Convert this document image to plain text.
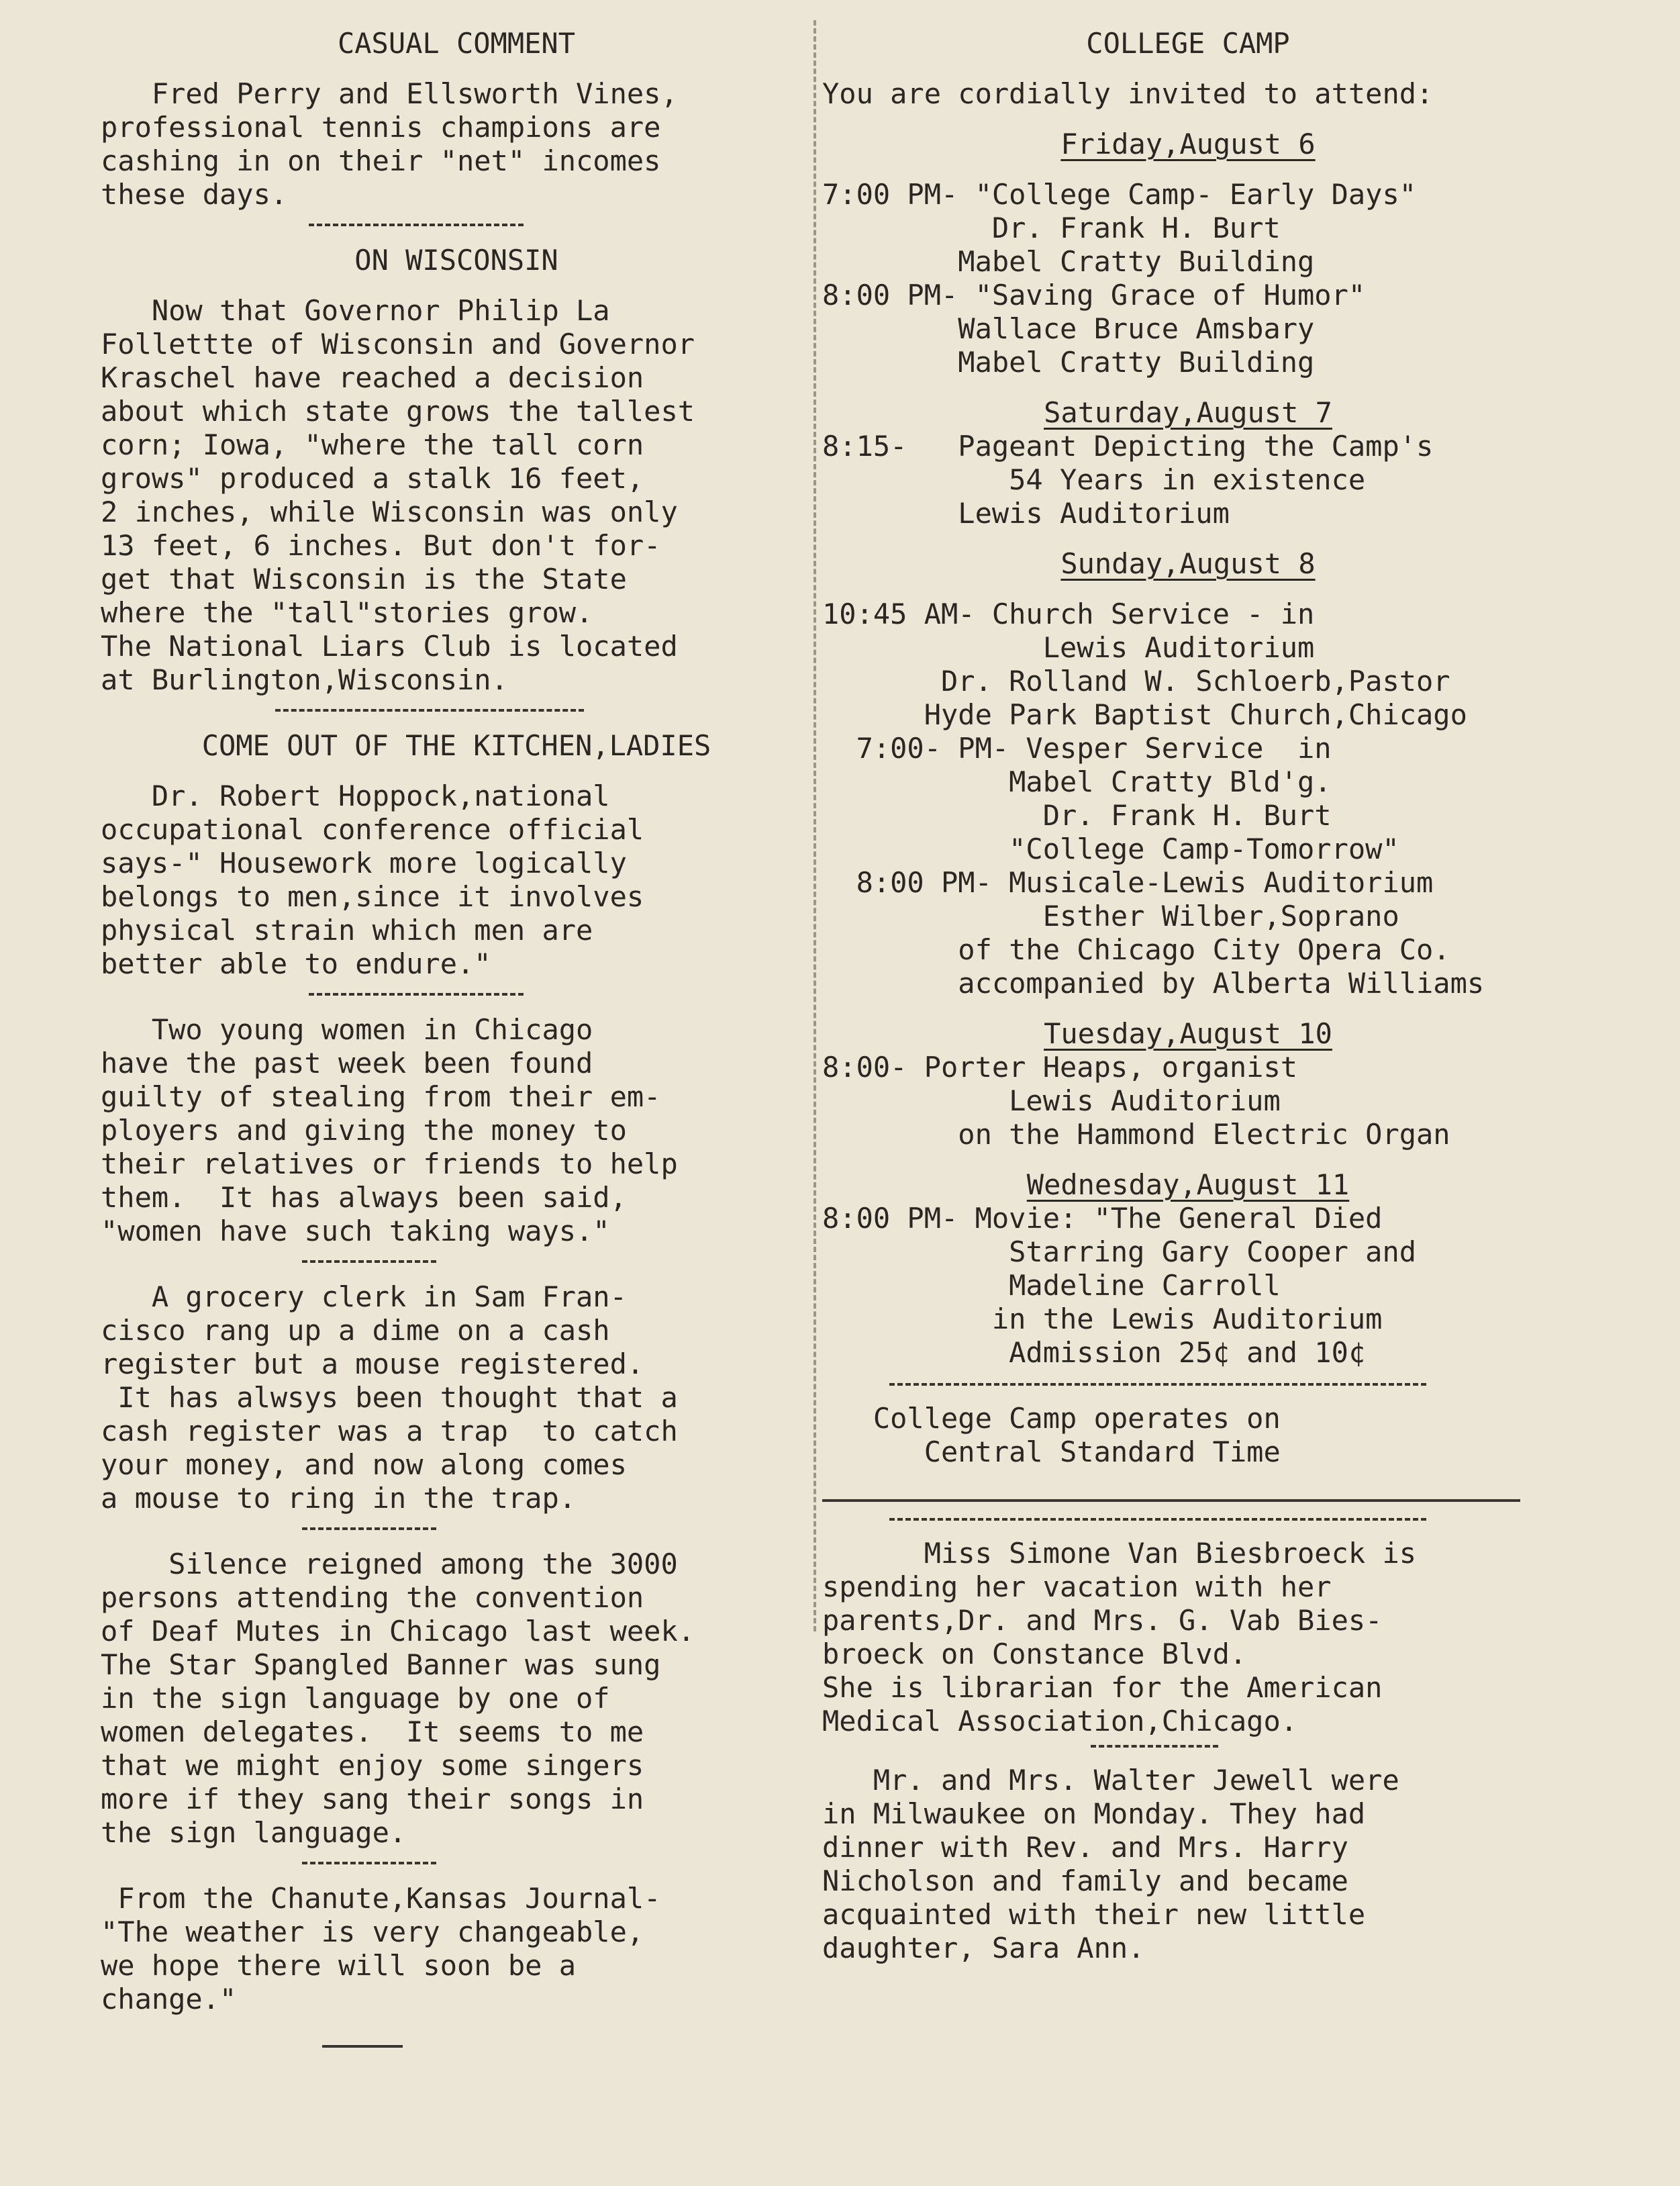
CASUAL COMMENT
Fred Perry and Ellsworth Vines,
professional tennis champions are
cashing in on their "net" incomes
these days.
ON WISCONSIN
Now that Governor Philip La
Follettte of Wisconsin and Governor
Kraschel have reached a decision
about which state grows the tallest
corn; Iowa, "where the tall corn
grows" produced a stalk 16 feet,
2 inches, while Wisconsin was only
13 feet, 6 inches. But don't for-
get that Wisconsin is the State
where the "tall"stories grow.
The National Liars Club is located
at Burlington,Wisconsin.
COME OUT OF THE KITCHEN,LADIES
Dr. Robert Hoppock,national
occupational conference official
says-" Housework more logically
belongs to men,since it involves
physical strain which men are
better able to endure."
Two young women in Chicago
have the past week been found
guilty of stealing from their em-
ployers and giving the money to
their relatives or friends to help
them.  It has always been said,
"women have such taking ways."
A grocery clerk in Sam Fran-
cisco rang up a dime on a cash
register but a mouse registered.
It has alwsys been thought that a
cash register was a trap  to catch
your money, and now along comes
a mouse to ring in the trap.
Silence reigned among the 3000
persons attending the convention
of Deaf Mutes in Chicago last week.
The Star Spangled Banner was sung
in the sign language by one of
women delegates.  It seems to me
that we might enjoy some singers
more if they sang their songs in
the sign language.
From the Chanute,Kansas Journal-
"The weather is very changeable,
we hope there will soon be a
change."
COLLEGE CAMP
You are cordially invited to attend:
Friday,August 6
7:00 PM- "College Camp- Early Days"
Dr. Frank H. Burt
Mabel Cratty Building
8:00 PM- "Saving Grace of Humor"
Wallace Bruce Amsbary
Mabel Cratty Building
Saturday,August 7
8:15-   Pageant Depicting the Camp's
54 Years in existence
Lewis Auditorium
Sunday,August 8
10:45 AM- Church Service - in
Lewis Auditorium
Dr. Rolland W. Schloerb,Pastor
Hyde Park Baptist Church,Chicago
7:00- PM- Vesper Service  in
Mabel Cratty Bld'g.
Dr. Frank H. Burt
"College Camp-Tomorrow"
8:00 PM- Musicale-Lewis Auditorium
Esther Wilber,Soprano
of the Chicago City Opera Co.
accompanied by Alberta Williams
Tuesday,August 10
8:00- Porter Heaps, organist
Lewis Auditorium
on the Hammond Electric Organ
Wednesday,August 11
8:00 PM- Movie: "The General Died
Starring Gary Cooper and
Madeline Carroll
in the Lewis Auditorium
Admission 25¢ and 10¢
College Camp operates on
Central Standard Time
Miss Simone Van Biesbroeck is
spending her vacation with her
parents,Dr. and Mrs. G. Vab Bies-
broeck on Constance Blvd.
She is librarian for the American
Medical Association,Chicago.
Mr. and Mrs. Walter Jewell were
in Milwaukee on Monday. They had
dinner with Rev. and Mrs. Harry
Nicholson and family and became
acquainted with their new little
daughter, Sara Ann.
